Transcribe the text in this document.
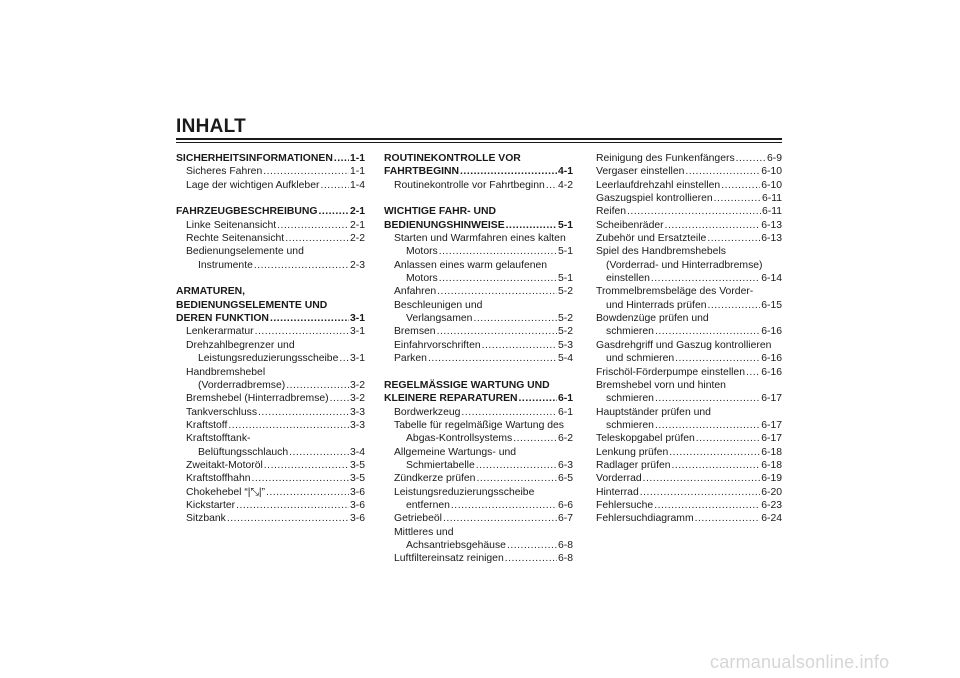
INHALT
SICHERHEITSINFORMATIONEN ..... 1-1
Sicheres Fahren .....	1-1
Lage der wichtigen Aufkleber .....	1-4
FAHRZEUGBESCHREIBUNG .....	2-1
Linke Seitenansicht .....	2-1
Rechte Seitenansicht .....	2-2
Bedienungselemente und
Instrumente .....	2-3
ARMATUREN,
BEDIENUNGSELEMENTE UND
DEREN FUNKTION .....	3-1
Lenkerarmatur .....	3-1
Drehzahlbegrenzer und
Leistungsreduzierungsscheibe ..... 3-1
Handbremshebel
(Vorderradbremse) .....	3-2
Bremshebel (Hinterradbremse) ..... 3-2
Tankverschluss .....	3-3
Kraftstoff .....	3-3
Kraftstofftank-
Belüftungsschlauch .....	3-4
Zweitakt-Motoröl .....	3-5
Kraftstoffhahn .....	3-5
Chokehebel “|⤡|” .....	3-6
Kickstarter .....	3-6
Sitzbank .....	3-6
ROUTINEKONTROLLE VOR
FAHRTBEGINN .....	4-1
Routinekontrolle vor Fahrtbeginn ..... 4-2
WICHTIGE FAHR- UND
BEDIENUNGSHINWEISE .....	5-1
Starten und Warmfahren eines kalten
Motors .....	5-1
Anlassen eines warm gelaufenen
Motors .....	5-1
Anfahren .....	5-2
Beschleunigen und
Verlangsamen .....	5-2
Bremsen .....	5-2
Einfahrvorschriften .....	5-3
Parken .....	5-4
REGELMÄSSIGE WARTUNG UND
KLEINERE REPARATUREN .....	6-1
Bordwerkzeug .....	6-1
Tabelle für regelmäßige Wartung des
Abgas-Kontrollsystems .....	6-2
Allgemeine Wartungs- und
Schmiertabelle .....	6-3
Zündkerze prüfen .....	6-5
Leistungsreduzierungsscheibe
entfernen .....	6-6
Getriebeöl .....	6-7
Mittleres und
Achsantriebsgehäuse .....	6-8
Luftfiltereinsatz reinigen .....	6-8
Reinigung des Funkenfängers .....	6-9
Vergaser einstellen .....	6-10
Leerlaufdrehzahl einstellen .....	6-10
Gaszugspiel kontrollieren .....	6-11
Reifen .....	6-11
Scheibenräder .....	6-13
Zubehör und Ersatzteile .....	6-13
Spiel des Handbremshebels
(Vorderrad- und Hinterradbremse)
einstellen .....	6-14
Trommelbremsbeläge des Vorder-
und Hinterrads prüfen .....	6-15
Bowdenzüge prüfen und
schmieren .....	6-16
Gasdrehgriff und Gaszug kontrollieren
und schmieren .....	6-16
Frischöl-Förderpumpe einstellen ..... 6-16
Bremshebel vorn und hinten
schmieren .....	6-17
Hauptständer prüfen und
schmieren .....	6-17
Teleskopgabel prüfen .....	6-17
Lenkung prüfen .....	6-18
Radlager prüfen .....	6-18
Vorderrad .....	6-19
Hinterrad .....	6-20
Fehlersuche .....	6-23
Fehlersuchdiagramm .....	6-24
carmanualsonline.info
